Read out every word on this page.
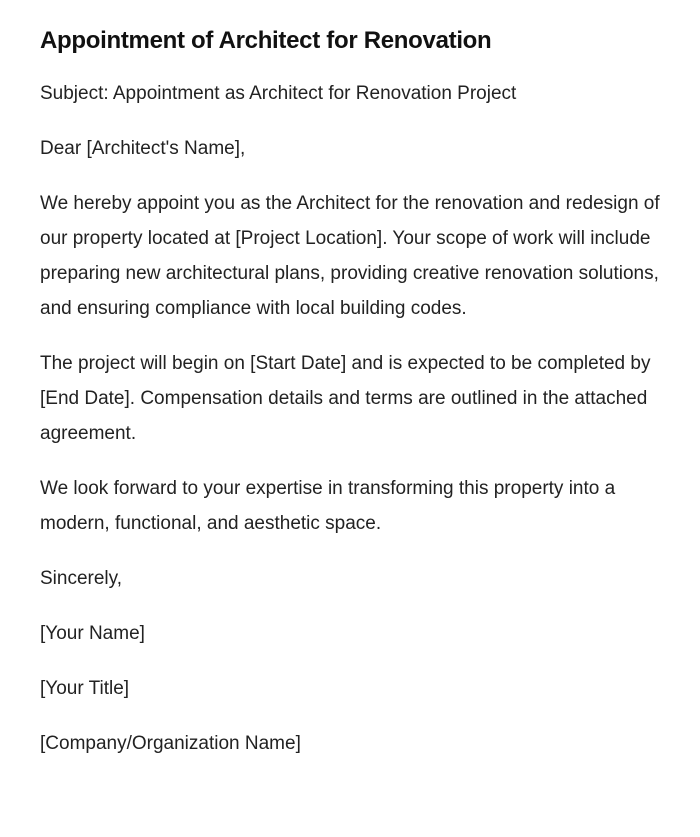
Appointment of Architect for Renovation

Subject: Appointment as Architect for Renovation Project

Dear [Architect's Name],

We hereby appoint you as the Architect for the renovation and redesign of our property located at [Project Location]. Your scope of work will include preparing new architectural plans, providing creative renovation solutions, and ensuring compliance with local building codes.

The project will begin on [Start Date] and is expected to be completed by [End Date]. Compensation details and terms are outlined in the attached agreement.

We look forward to your expertise in transforming this property into a modern, functional, and aesthetic space.

Sincerely,

[Your Name]

[Your Title]

[Company/Organization Name]
